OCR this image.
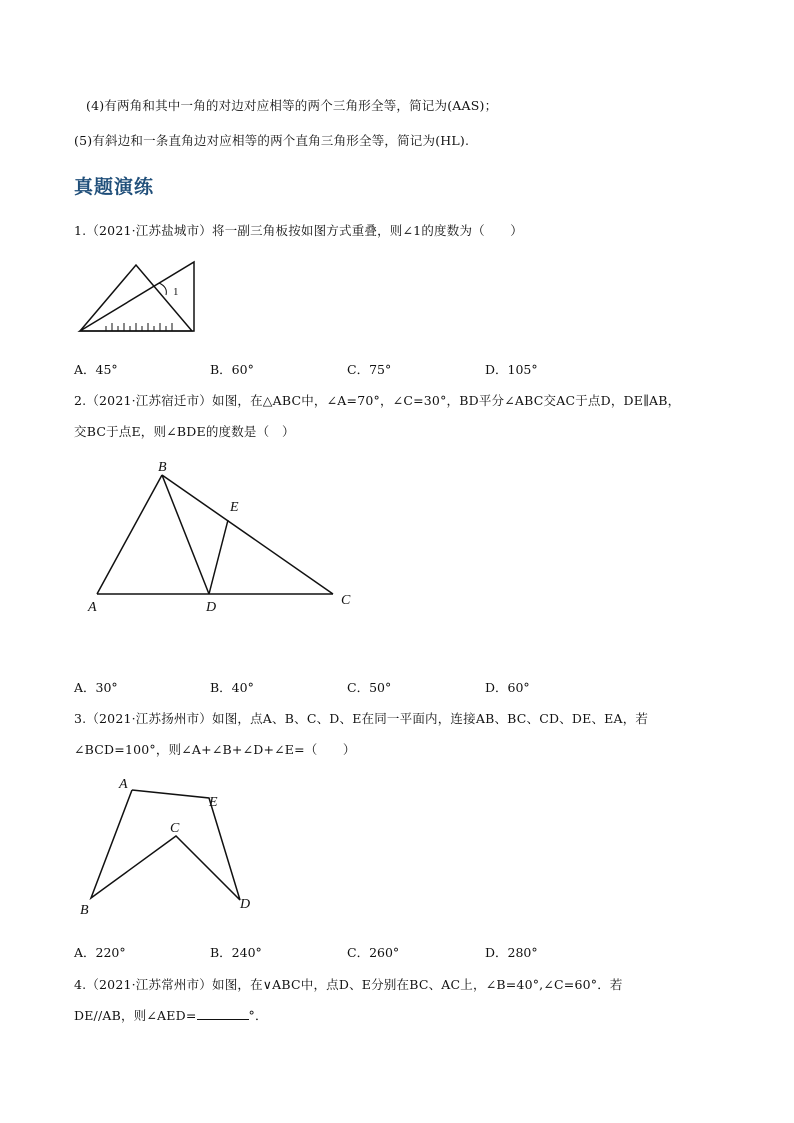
(4)有两角和其中一角的对边对应相等的两个三角形全等，简记为(AAS)；
(5)有斜边和一条直角边对应相等的两个直角三角形全等，简记为(HL).
真题演练
1.（2021·江苏盐城市）将一副三角板按如图方式重叠，则∠1的度数为（　　）
1
A．45°	B．60°	C．75°	D．105°
2.（2021·江苏宿迁市）如图，在△ABC中，∠A=70°，∠C=30°，BD平分∠ABC交AC于点D，DE∥AB，
交BC于点E，则∠BDE的度数是（　）
B
E
A	D	C
A．30°	B．40°	C．50°	D．60°
3.（2021·江苏扬州市）如图，点A、B、C、D、E在同一平面内，连接AB、BC、CD、DE、EA，若
∠BCD=100°，则∠A+∠B+∠D+∠E=（　　）
A
E
C
B	D
A．220°	B．240°	C．260°	D．280°
4.（2021·江苏常州市）如图，在∨ABC中，点D、E分别在BC、AC上，∠B=40°,∠C=60°．若
DE//AB，则∠AED=	°．
